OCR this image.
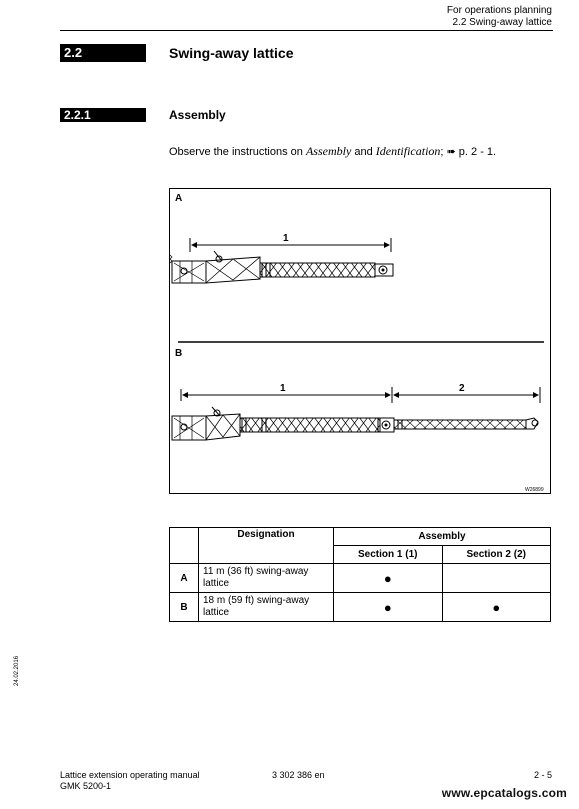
For operations planning
2.2 Swing-away lattice
2.2	Swing-away lattice
2.2.1	Assembly
Observe the instructions on Assembly and Identification; ➠ p. 2 - 1.
A
1
B
1	2
W26899
	Designation	Assembly	
		Section 1 (1)	Section 2 (2)
A	11 m (36 ft) swing-away lattice	●	
B	18 m (59 ft) swing-away lattice	●	●
24.02.2016
Lattice extension operating manual
GMK 5200-1
3 302 386 en	2 - 5
www.epcatalogs.com
